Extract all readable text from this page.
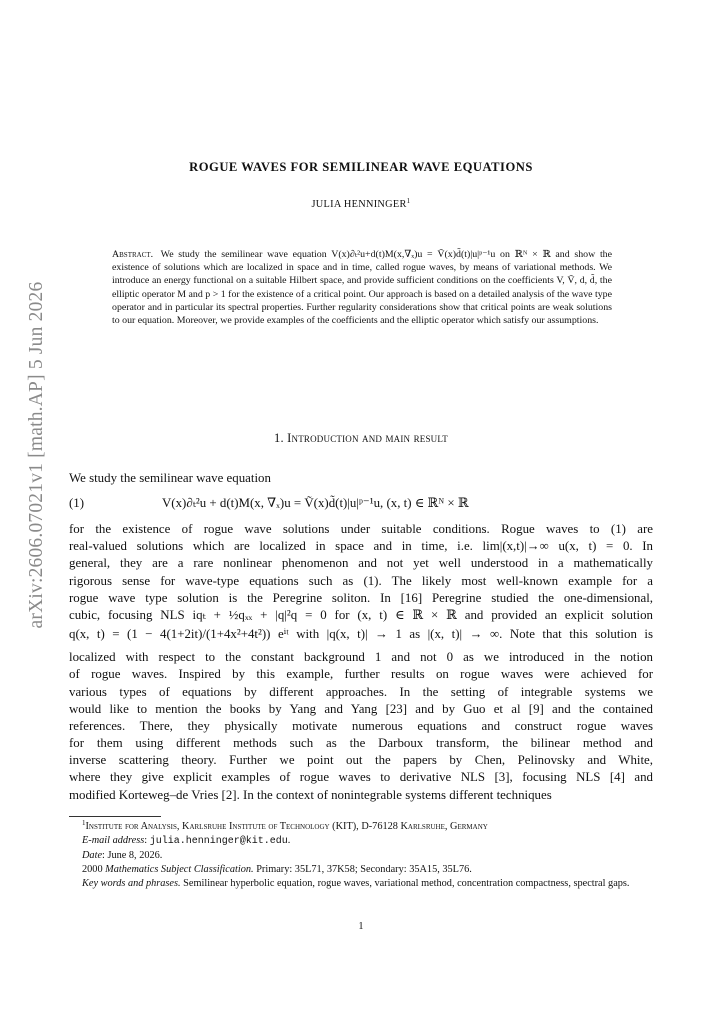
arXiv:2606.07021v1 [math.AP] 5 Jun 2026
ROGUE WAVES FOR SEMILINEAR WAVE EQUATIONS
JULIA HENNINGER$^1$
Abstract. We study the semilinear wave equation V(x)∂ₜ²u+d(t)M(x,∇ₓ)u = Ṽ(x)d̃(t)|u|ᵖ⁻¹u on ℝᴺ × ℝ and show the existence of solutions which are localized in space and in time, called rogue waves, by means of variational methods. We introduce an energy functional on a suitable Hilbert space, and provide sufficient conditions on the coefficients V, Ṽ, d, d̃, the elliptic operator M and p > 1 for the existence of a critical point. Our approach is based on a detailed analysis of the wave type operator and in particular its spectral properties. Further regularity considerations show that critical points are weak solutions to our equation. Moreover, we provide examples of the coefficients and the elliptic operator which satisfy our assumptions.
1. Introduction and main result
We study the semilinear wave equation
(1)	V(x)∂ₜ²u + d(t)M(x, ∇ₓ)u = Ṽ(x)d̃(t)|u|ᵖ⁻¹u, (x, t) ∈ ℝᴺ × ℝ
for the existence of rogue wave solutions under suitable conditions. Rogue waves to (1) are
real-valued solutions which are localized in space and in time, i.e. lim|(x,t)|→∞ u(x, t) = 0. In
general, they are a rare nonlinear phenomenon and not yet well understood in a mathematically
rigorous sense for wave-type equations such as (1). The likely most well-known example for a
rogue wave type solution is the Peregrine soliton. In [16] Peregrine studied the one-dimensional,
cubic, focusing NLS iqₜ + ½qₓₓ + |q|²q = 0 for (x, t) ∈ ℝ × ℝ and provided an explicit solution
q(x, t) = (1 − 4(1+2it)/(1+4x²+4t²)) eⁱᵗ with |q(x, t)| → 1 as |(x, t)| → ∞. Note that this solution is
localized with respect to the constant background 1 and not 0 as we introduced in the notion
of rogue waves. Inspired by this example, further results on rogue waves were achieved for
various types of equations by different approaches. In the setting of integrable systems we
would like to mention the books by Yang and Yang [23] and by Guo et al [9] and the contained
references. There, they physically motivate numerous equations and construct rogue waves
for them using different methods such as the Darboux transform, the bilinear method and
inverse scattering theory. Further we point out the papers by Chen, Pelinovsky and White,
where they give explicit examples of rogue waves to derivative NLS [3], focusing NLS [4] and
modified Korteweg–de Vries [2]. In the context of nonintegrable systems different techniques
$^1$Institute for Analysis, Karlsruhe Institute of Technology (KIT), D-76128 Karlsruhe, Germany
E-mail address: julia.henninger@kit.edu.
Date: June 8, 2026.
2000 Mathematics Subject Classification. Primary: 35L71, 37K58; Secondary: 35A15, 35L76.
Key words and phrases. Semilinear hyperbolic equation, rogue waves, variational method, concentration compactness, spectral gaps.
1
